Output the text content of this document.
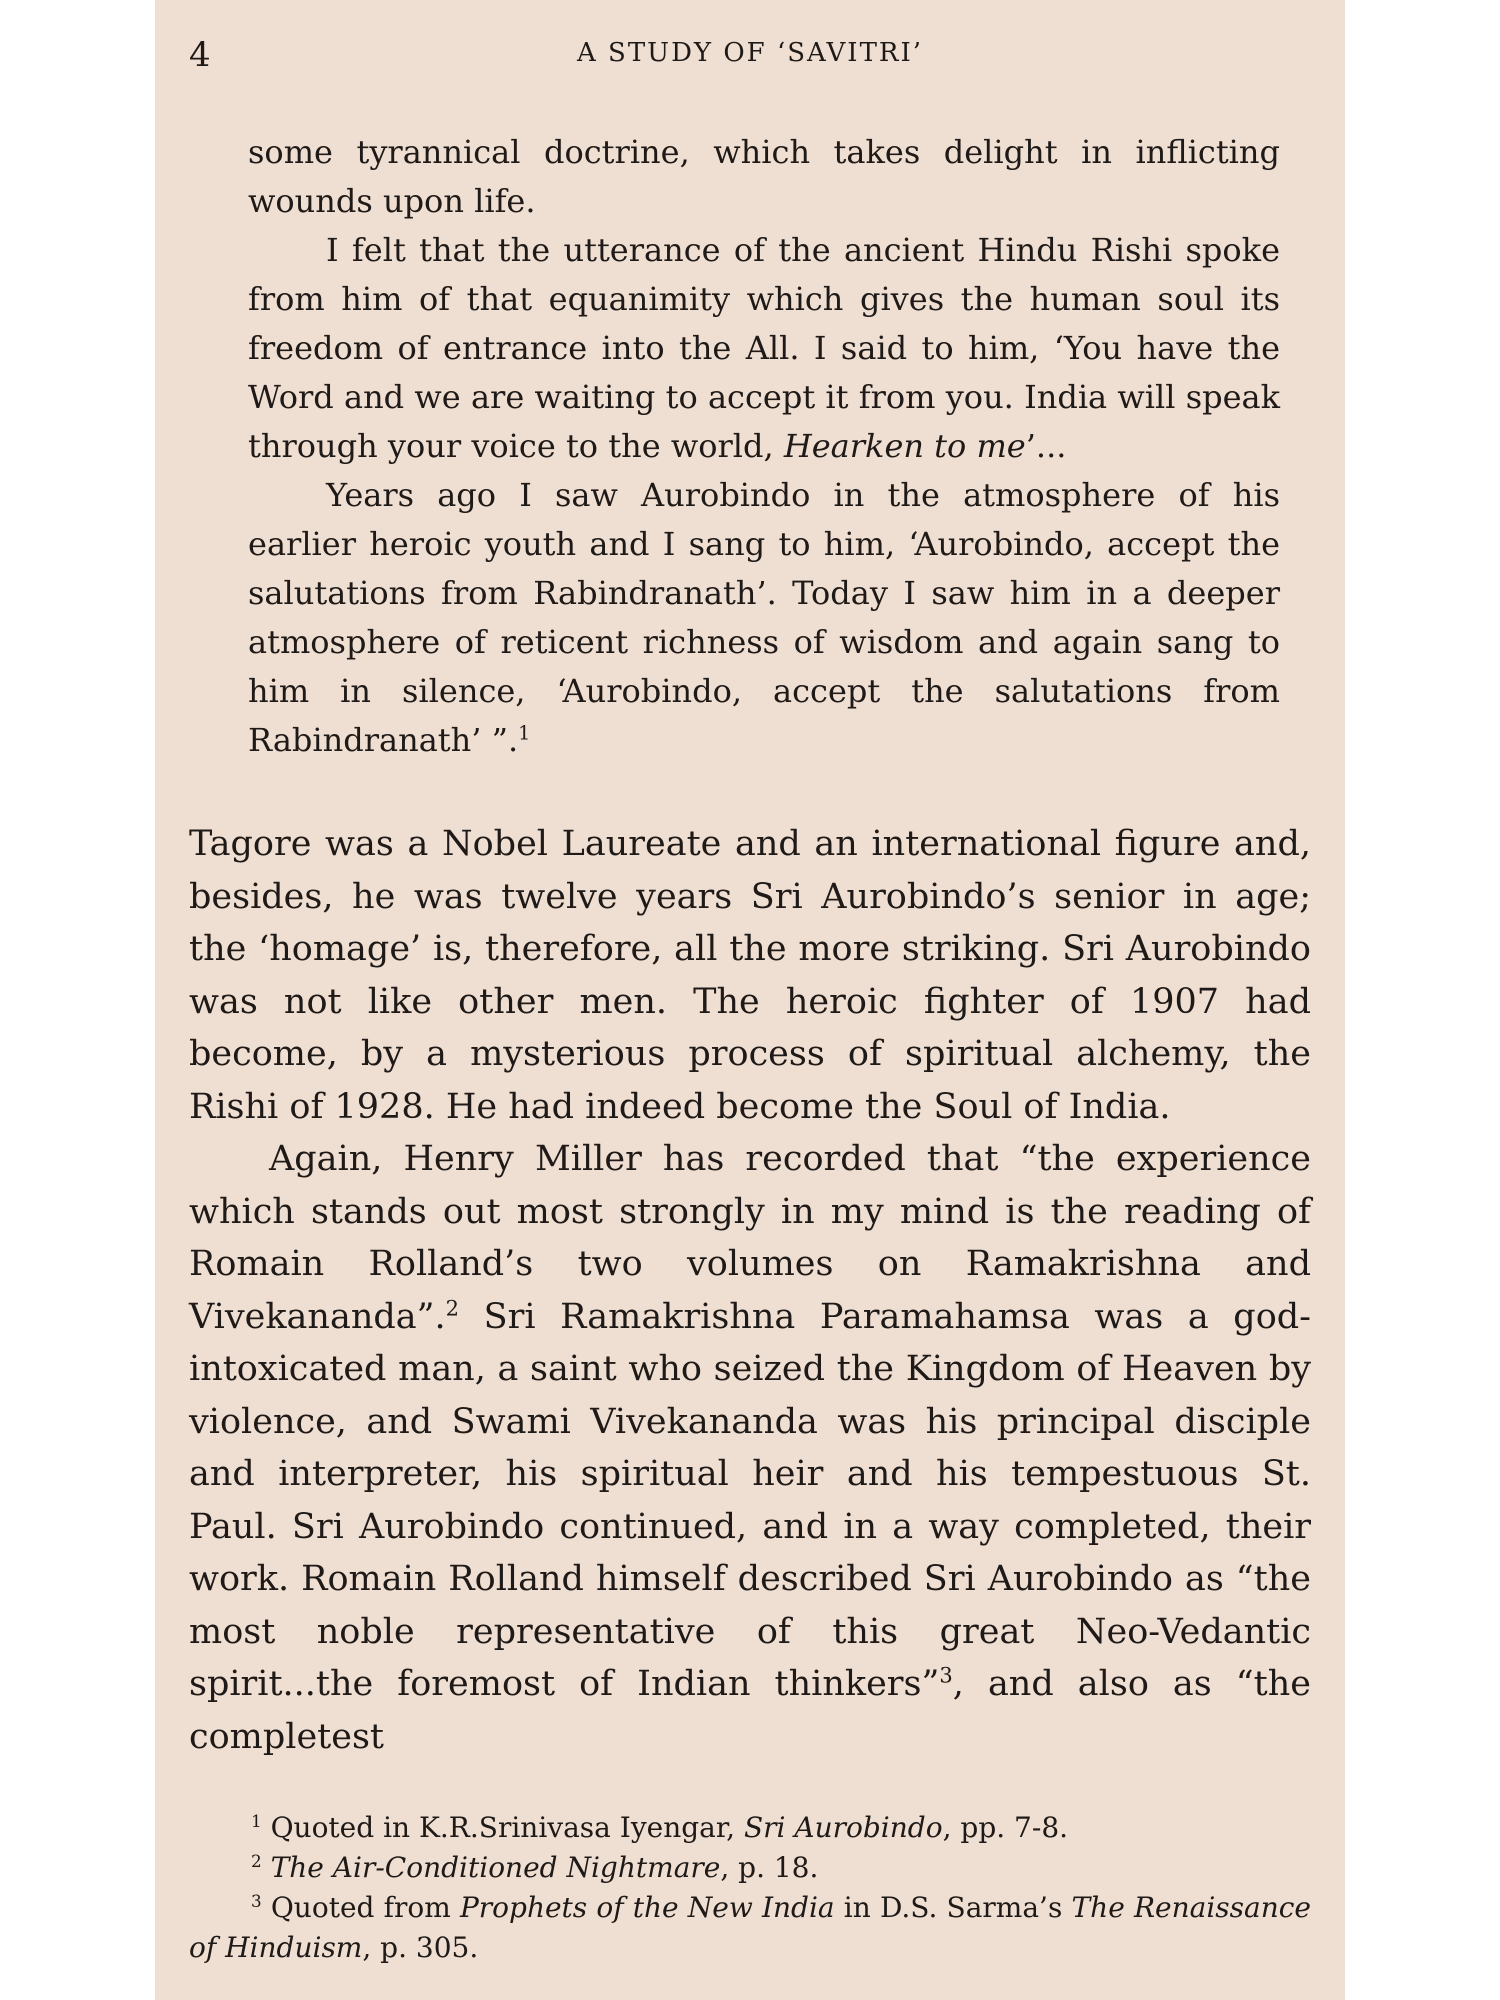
4	A STUDY OF ‘SAVITRI’

some tyrannical doctrine, which takes delight in inflicting wounds upon life.

I felt that the utterance of the ancient Hindu Rishi spoke from him of that equanimity which gives the human soul its freedom of entrance into the All. I said to him, ‘You have the Word and we are waiting to accept it from you. India will speak through your voice to the world, Hearken to me’...

Years ago I saw Aurobindo in the atmosphere of his earlier heroic youth and I sang to him, ‘Aurobindo, accept the salutations from Rabindranath’. Today I saw him in a deeper atmosphere of reticent richness of wisdom and again sang to him in silence, ‘Aurobindo, accept the salutations from Rabindranath’ ”.$^1$

Tagore was a Nobel Laureate and an international figure and, besides, he was twelve years Sri Aurobindo’s senior in age; the ‘homage’ is, therefore, all the more striking. Sri Aurobindo was not like other men. The heroic fighter of 1907 had become, by a mysterious process of spiritual alchemy, the Rishi of 1928. He had indeed become the Soul of India.

Again, Henry Miller has recorded that “the experience which stands out most strongly in my mind is the reading of Romain Rolland’s two volumes on Ramakrishna and Vivekananda”.$^2$ Sri Ramakrishna Paramahamsa was a god-intoxicated man, a saint who seized the Kingdom of Heaven by violence, and Swami Vivekananda was his principal disciple and interpreter, his spiritual heir and his tempestuous St. Paul. Sri Aurobindo continued, and in a way completed, their work. Romain Rolland himself described Sri Aurobindo as “the most noble representative of this great Neo-Vedantic spirit...the foremost of Indian thinkers”$^3$, and also as “the completest

$^1$ Quoted in K.R.Srinivasa Iyengar, Sri Aurobindo, pp. 7-8.

$^2$ The Air-Conditioned Nightmare, p. 18.

$^3$ Quoted from Prophets of the New India in D.S. Sarma’s The Renaissance of Hinduism, p. 305.
